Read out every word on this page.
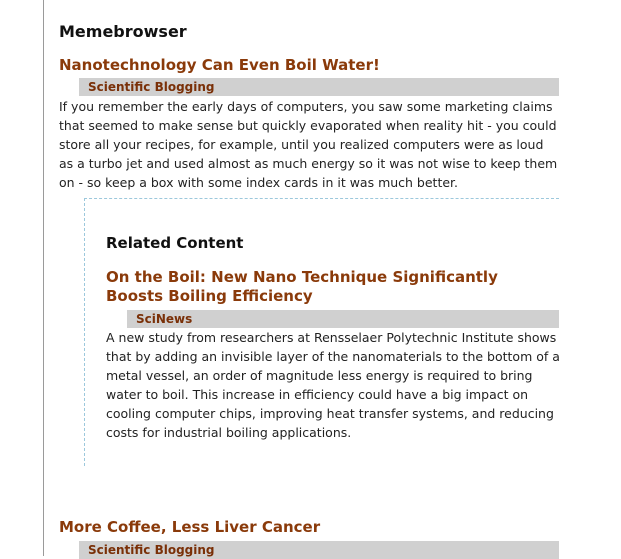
Memebrowser
Nanotechnology Can Even Boil Water!
Scientific Blogging

If you remember the early days of computers, you saw some marketing claims that seemed to make sense but quickly evaporated when reality hit - you could store all your recipes, for example, until you realized computers were as loud as a turbo jet and used almost as much energy so it was not wise to keep them on - so keep a box with some index cards in it was much better.

Related Content
On the Boil: New Nano Technique Significantly Boosts Boiling Efficiency
SciNews

A new study from researchers at Rensselaer Polytechnic Institute shows that by adding an invisible layer of the nanomaterials to the bottom of a metal vessel, an order of magnitude less energy is required to bring water to boil. This increase in efficiency could have a big impact on cooling computer chips, improving heat transfer systems, and reducing costs for industrial boiling applications.

More Coffee, Less Liver Cancer
Scientific Blogging
